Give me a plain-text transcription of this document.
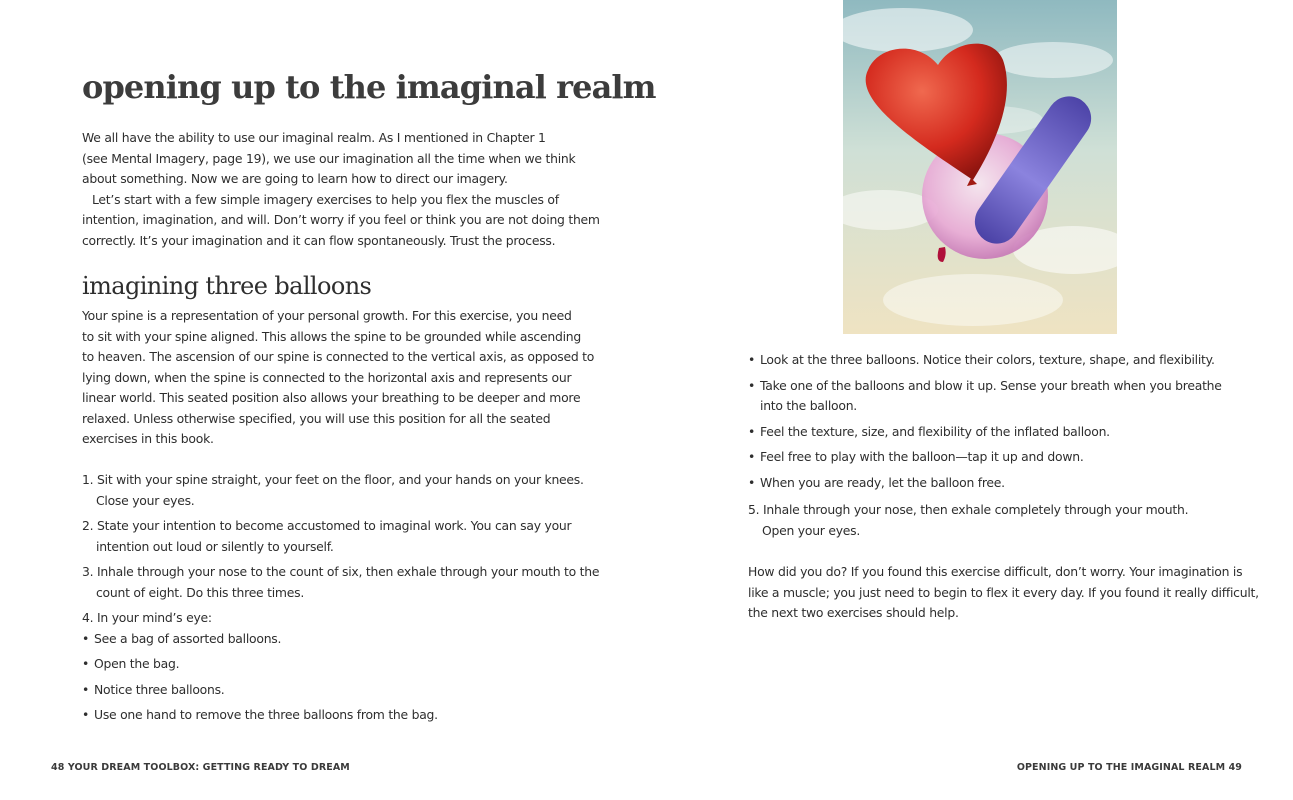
opening up to the imaginal realm
We all have the ability to use our imaginal realm. As I mentioned in Chapter 1
(see Mental Imagery, page 19), we use our imagination all the time when we think
about something. Now we are going to learn how to direct our imagery.
Let’s start with a few simple imagery exercises to help you flex the muscles of
intention, imagination, and will. Don’t worry if you feel or think you are not doing them
correctly. It’s your imagination and it can flow spontaneously. Trust the process.
imagining three balloons
Your spine is a representation of your personal growth. For this exercise, you need
to sit with your spine aligned. This allows the spine to be grounded while ascending
to heaven. The ascension of our spine is connected to the vertical axis, as opposed to
lying down, when the spine is connected to the horizontal axis and represents our
linear world. This seated position also allows your breathing to be deeper and more
relaxed. Unless otherwise specified, you will use this position for all the seated
exercises in this book.
1. Sit with your spine straight, your feet on the floor, and your hands on your knees.
Close your eyes.
2. State your intention to become accustomed to imaginal work. You can say your
intention out loud or silently to yourself.
3. Inhale through your nose to the count of six, then exhale through your mouth to the
count of eight. Do this three times.
4. In your mind’s eye:
• See a bag of assorted balloons.
• Open the bag.
• Notice three balloons.
• Use one hand to remove the three balloons from the bag.
48 YOUR DREAM TOOLBOX: GETTING READY TO DREAM
• Look at the three balloons. Notice their colors, texture, shape, and flexibility.
• Take one of the balloons and blow it up. Sense your breath when you breathe
into the balloon.
• Feel the texture, size, and flexibility of the inflated balloon.
• Feel free to play with the balloon—tap it up and down.
• When you are ready, let the balloon free.
5. Inhale through your nose, then exhale completely through your mouth.
Open your eyes.
How did you do? If you found this exercise difficult, don’t worry. Your imagination is
like a muscle; you just need to begin to flex it every day. If you found it really difficult,
the next two exercises should help.
OPENING UP TO THE IMAGINAL REALM 49
